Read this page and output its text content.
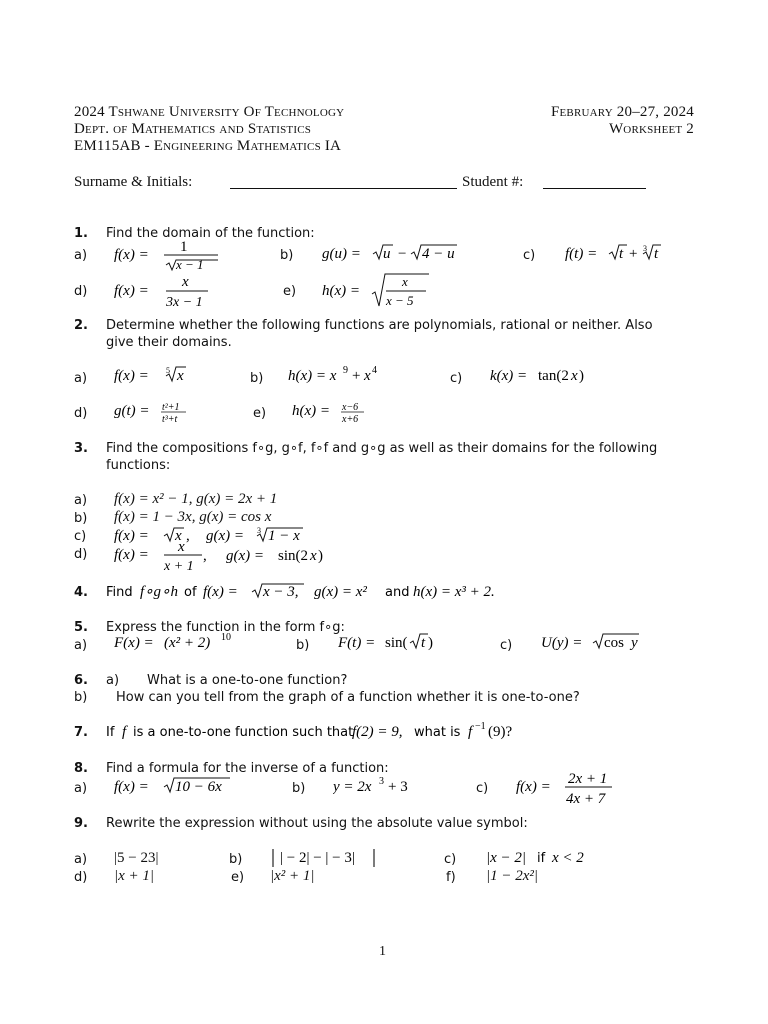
2024 Tshwane University Of Technology
Dept. of Mathematics and Statistics
EM115AB - Engineering Mathematics IA
February 20–27, 2024
Worksheet 2
Surname & Initials:	Student #:
1. Find the domain of the function:
a) f(x) = 1
x − 1
b) g(u) = u − 4 − u	c) f(t) = t + 3 t
d) f(x) =
x
3x − 1
e) h(x) =
x
x − 5
2. Determine whether the following functions are polynomials, rational or neither. Also
give their domains.
a) f(x) = 5 x	b) h(x) = x 9 + x 4
c) k(x) = tan(2 x )
d) g(t) = t²+1
t³+t	e) h(x) = x−6
x+6
3. Find the compositions f∘g, g∘f, f∘f and g∘g as well as their domains for the following
functions:
a) f(x) = x² − 1, g(x) = 2x + 1
b) f(x) = 1 − 3x, g(x) = cos x
c) f(x) = x , g(x) = 3 1 − x
d) f(x) = x
x + 1
, g(x) = sin(2 x )
4. Find f∘g∘h of f(x) = x − 3, g(x) = x² and h(x) = x³ + 2.
5. Express the function in the form f∘g:
a) F(x) = (x² + 2) 10
b) F(t) = sin( t )	c) U(y) = cos y
6. a) What is a one-to-one function?
b) How can you tell from the graph of a function whether it is one-to-one?
7. If f is a one-to-one function such that
f(2) = 9, what is f −1 (9)?
8. Find a formula for the inverse of a function:
a) f(x) = 10 − 6x	b) y = 2x 3 + 3	c) f(x) = 2x + 1
4x + 7
9. Rewrite the expression without using the absolute value symbol:
a) |5 − 23|	b)	| − 2| − | − 3|	c) |x − 2| if x < 2
d) |x + 1|	e) |x² + 1|	f) |1 − 2x²|
1
